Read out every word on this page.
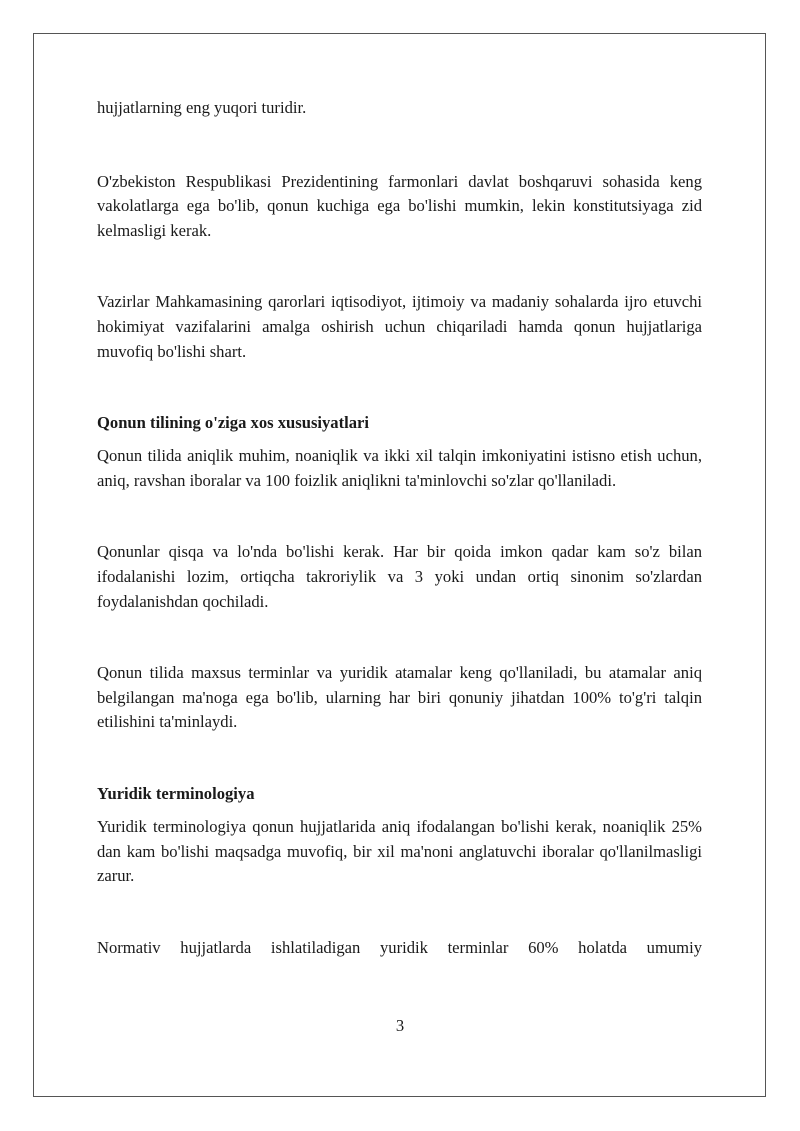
hujjatlarning eng yuqori turidir.

O'zbekiston Respublikasi Prezidentining farmonlari davlat boshqaruvi sohasida keng vakolatlarga ega bo'lib, qonun kuchiga ega bo'lishi mumkin, lekin konstitutsiyaga zid kelmasligi kerak.

Vazirlar Mahkamasining qarorlari iqtisodiyot, ijtimoiy va madaniy sohalarda ijro etuvchi hokimiyat vazifalarini amalga oshirish uchun chiqariladi hamda qonun hujjatlariga muvofiq bo'lishi shart.

Qonun tilining o'ziga xos xususiyatlari

Qonun tilida aniqlik muhim, noaniqlik va ikki xil talqin imkoniyatini istisno etish uchun, aniq, ravshan iboralar va 100 foizlik aniqlikni ta'minlovchi so'zlar qo'llaniladi.

Qonunlar qisqa va lo'nda bo'lishi kerak. Har bir qoida imkon qadar kam so'z bilan ifodalanishi lozim, ortiqcha takroriylik va 3 yoki undan ortiq sinonim so'zlardan foydalanishdan qochiladi.

Qonun tilida maxsus terminlar va yuridik atamalar keng qo'llaniladi, bu atamalar aniq belgilangan ma'noga ega bo'lib, ularning har biri qonuniy jihatdan 100% to'g'ri talqin etilishini ta'minlaydi.

Yuridik terminologiya

Yuridik terminologiya qonun hujjatlarida aniq ifodalangan bo'lishi kerak, noaniqlik 25% dan kam bo'lishi maqsadga muvofiq, bir xil ma'noni anglatuvchi iboralar qo'llanilmasligi zarur.

Normativ hujjatlarda ishlatiladigan yuridik terminlar 60% holatda umumiy

3
